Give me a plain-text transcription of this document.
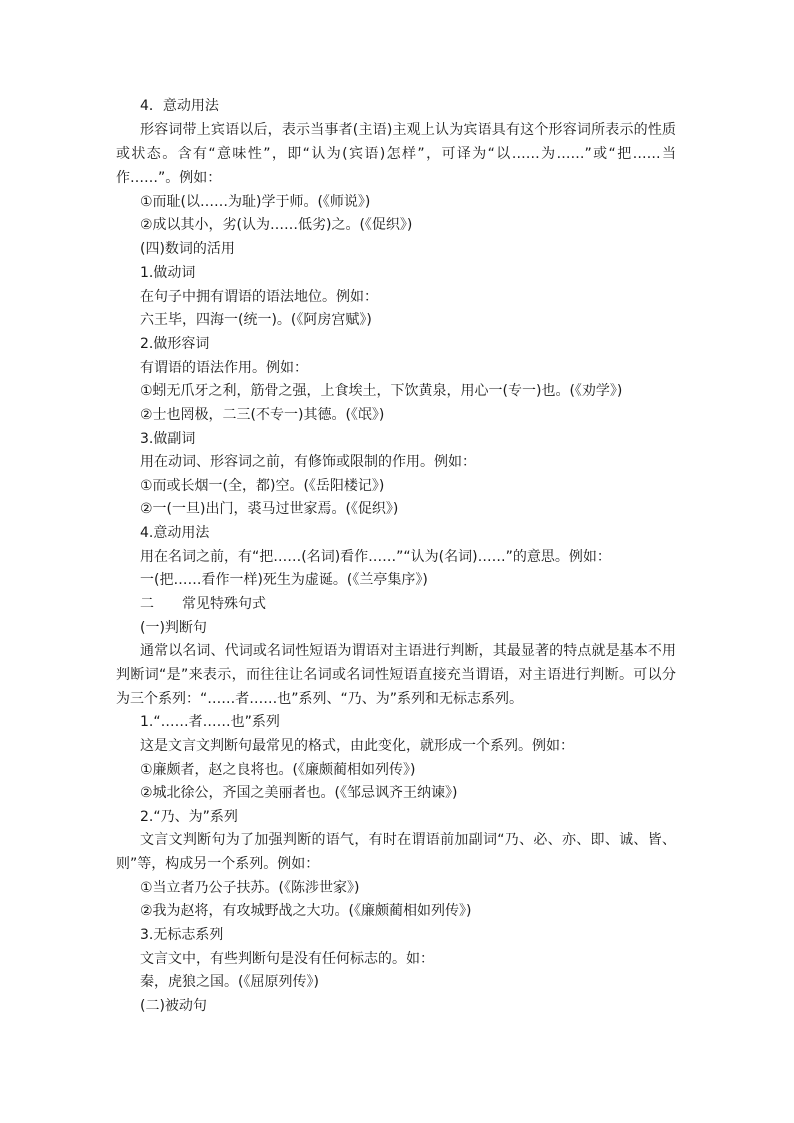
4．意动用法
形容词带上宾语以后，表示当事者(主语)主观上认为宾语具有这个形容词所表示的性质
或状态。含有“意味性”，即“认为(宾语)怎样”，可译为“以……为……”或“把……当
作……”。例如：
①而耻(以……为耻)学于师。(《师说》)
②成以其小，劣(认为……低劣)之。(《促织》)
(四)数词的活用
1.做动词
在句子中拥有谓语的语法地位。例如：
六王毕，四海一(统一)。(《阿房宫赋》)
2.做形容词
有谓语的语法作用。例如：
①蚓无爪牙之利，筋骨之强，上食埃土，下饮黄泉，用心一(专一)也。(《劝学》)
②士也罔极，二三(不专一)其德。(《氓》)
3.做副词
用在动词、形容词之前，有修饰或限制的作用。例如：
①而或长烟一(全，都)空。(《岳阳楼记》)
②一(一旦)出门，裘马过世家焉。(《促织》)
4.意动用法
用在名词之前，有“把……(名词)看作……”“认为(名词)……”的意思。例如：
一(把……看作一样)死生为虚诞。(《兰亭集序》)
二　　常见特殊句式
(一)判断句
通常以名词、代词或名词性短语为谓语对主语进行判断，其最显著的特点就是基本不用
判断词“是”来表示，而往往让名词或名词性短语直接充当谓语，对主语进行判断。可以分
为三个系列：“……者……也”系列、“乃、为”系列和无标志系列。
1.“……者……也”系列
这是文言文判断句最常见的格式，由此变化，就形成一个系列。例如：
①廉颇者，赵之良将也。(《廉颇蔺相如列传》)
②城北徐公，齐国之美丽者也。(《邹忌讽齐王纳谏》)
2.“乃、为”系列
文言文判断句为了加强判断的语气，有时在谓语前加副词“乃、必、亦、即、诚、皆、
则”等，构成另一个系列。例如：
①当立者乃公子扶苏。(《陈涉世家》)
②我为赵将，有攻城野战之大功。(《廉颇蔺相如列传》)
3.无标志系列
文言文中，有些判断句是没有任何标志的。如：
秦，虎狼之国。(《屈原列传》)
(二)被动句
